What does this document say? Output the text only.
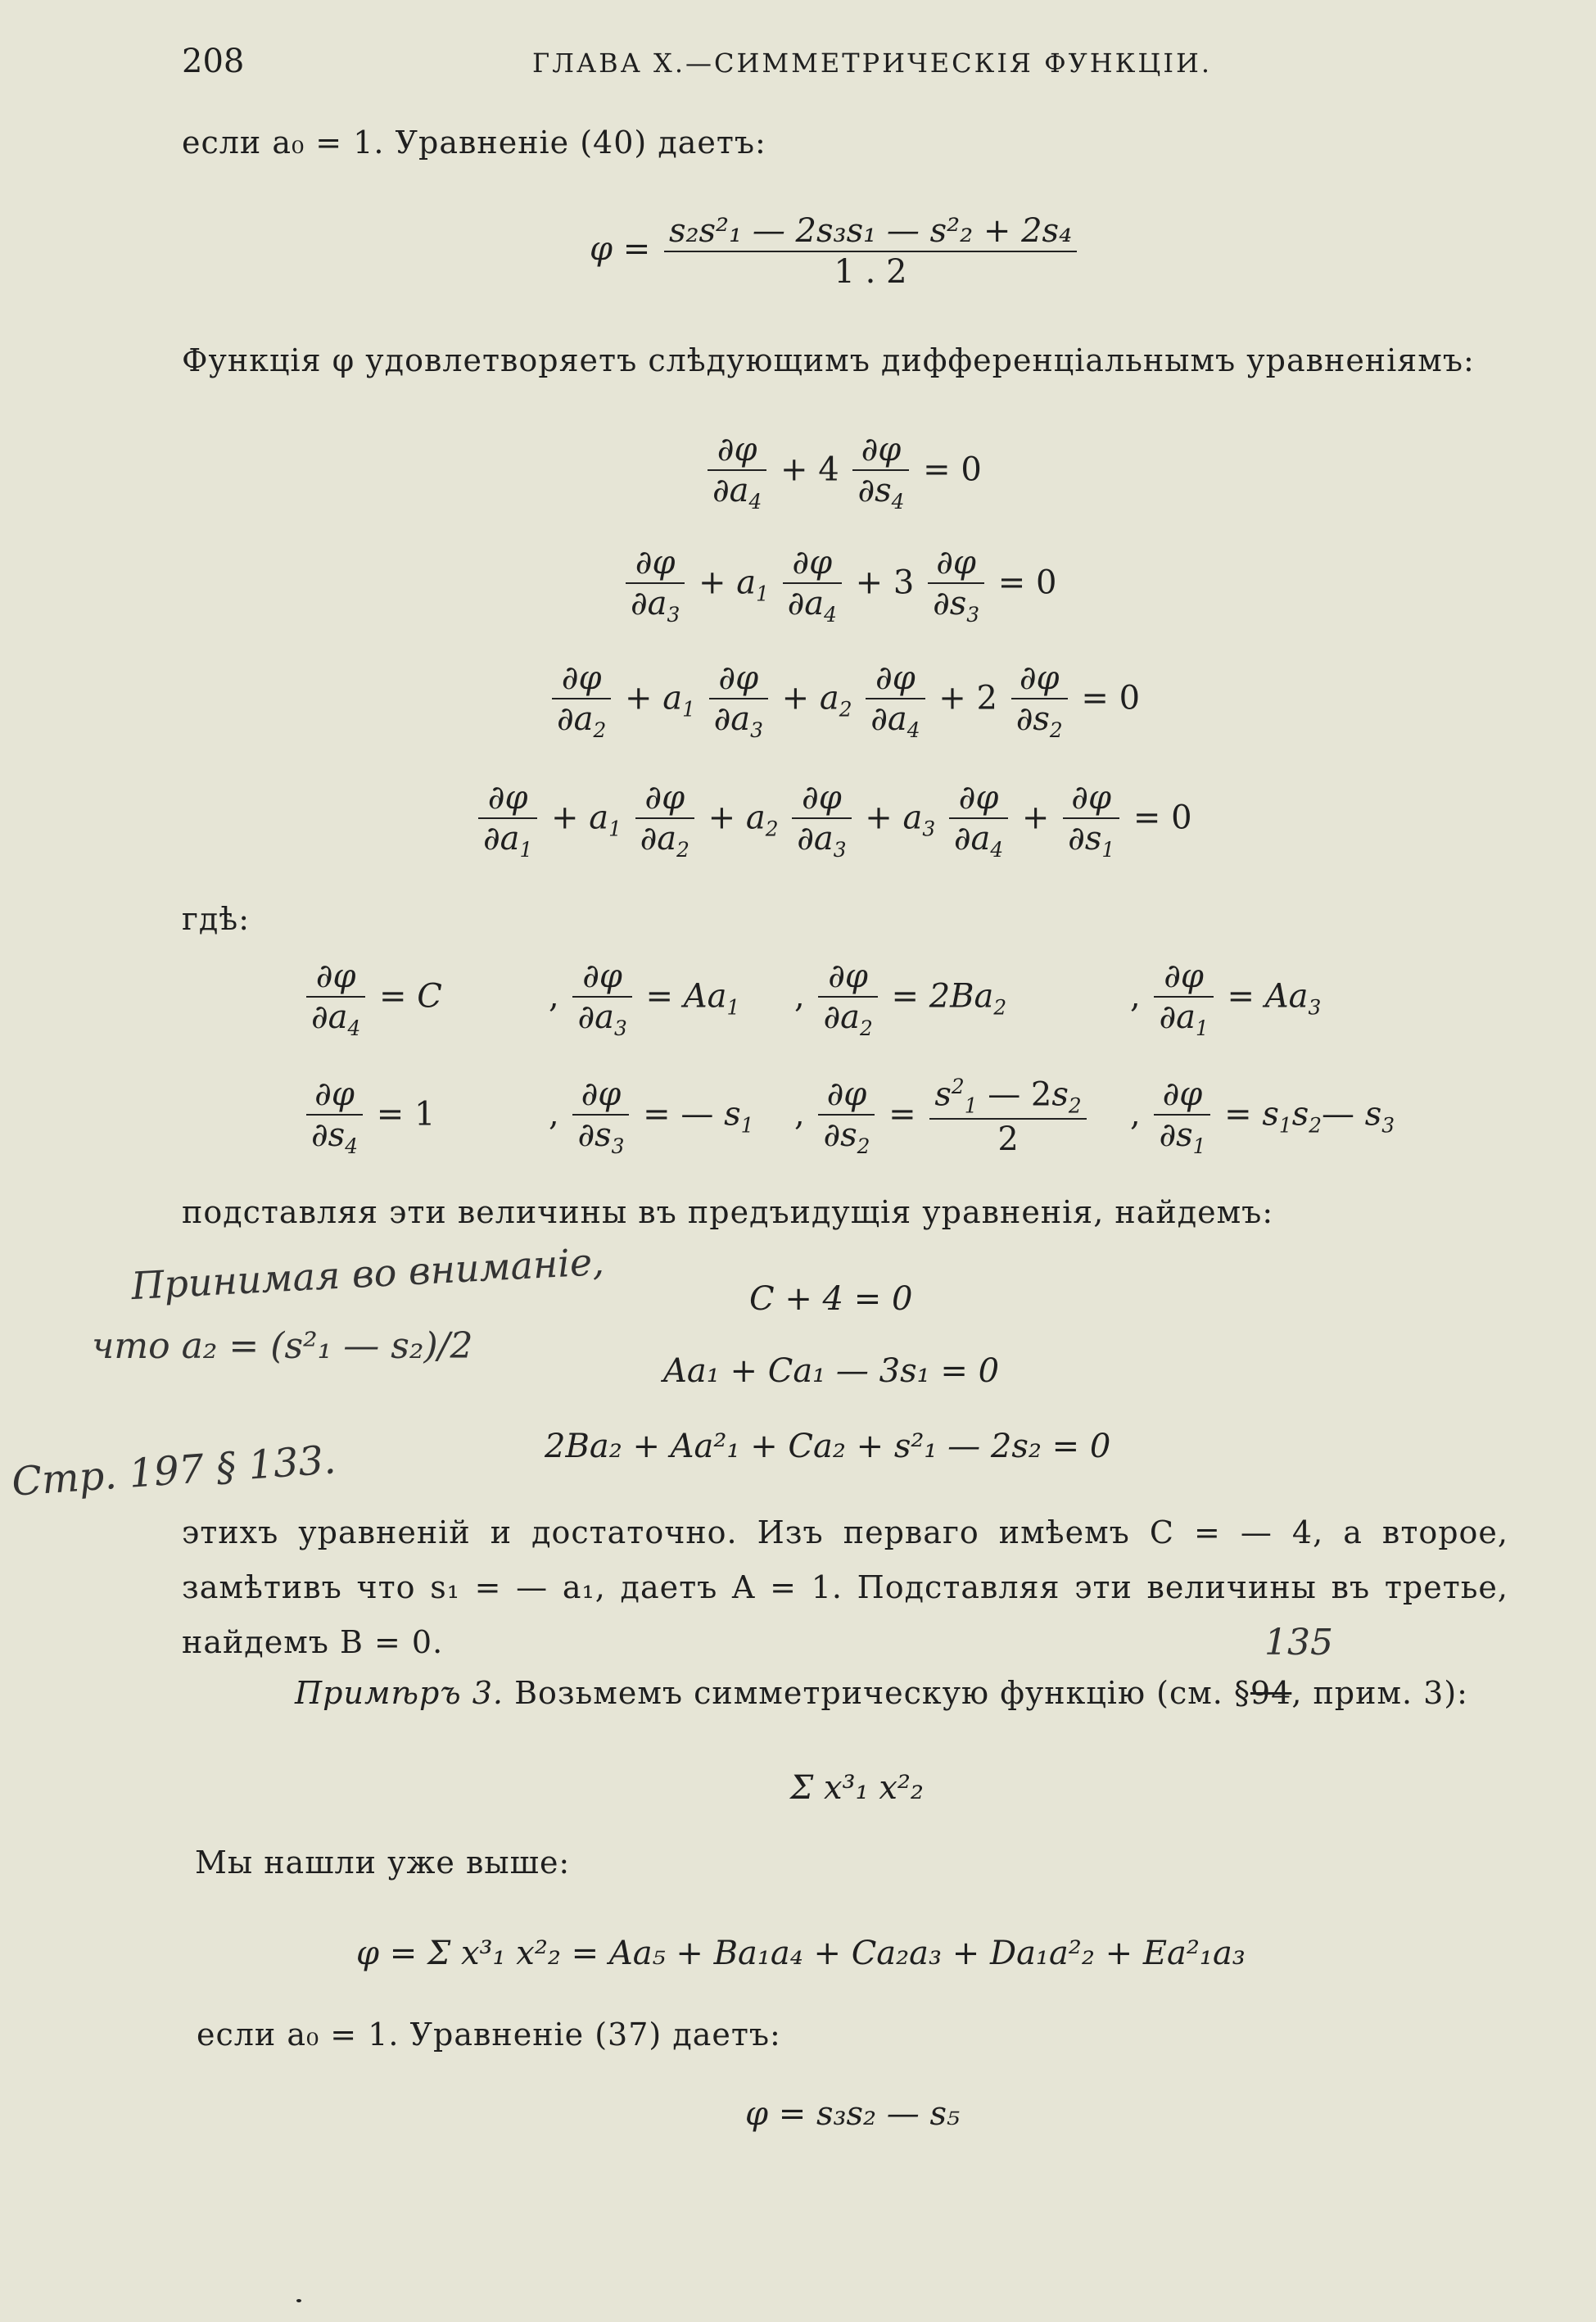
208	ГЛАВА X.—СИММЕТРИЧЕСКІЯ ФУНКЦІИ.
если a₀ = 1. Уравненіе (40) даетъ:
$\varphi = \frac{\text{s₂s²₁ — 2s₃s₁ — s²₂ + 2s₄}}{1 . 2}$
Функція φ удовлетворяетъ слѣдующимъ дифференціальнымъ уравненіямъ:
$\frac{\partial\varphi}{\partial a_4} + 4 \frac{\partial\varphi}{\partial s_4} = 0$
$\frac{\partial\varphi}{\partial a_3} + a_1 \frac{\partial\varphi}{\partial a_4} + 3 \frac{\partial\varphi}{\partial s_3} = 0$
$\frac{\partial\varphi}{\partial a_2} + a_1 \frac{\partial\varphi}{\partial a_3} + a_2 \frac{\partial\varphi}{\partial a_4} + 2 \frac{\partial\varphi}{\partial s_2} = 0$
$\frac{\partial\varphi}{\partial a_1} + a_1 \frac{\partial\varphi}{\partial a_2} + a_2 \frac{\partial\varphi}{\partial a_3} + a_3 \frac{\partial\varphi}{\partial a_4} + \frac{\partial\varphi}{\partial s_1} = 0$
гдѣ:
$\frac{\partial\varphi}{\partial a_4} = C$	, $\frac{\partial\varphi}{\partial a_3} = Aa_1$ , $\frac{\partial\varphi}{\partial a_2} = 2Ba_2$	, $\frac{\partial\varphi}{\partial a_1} = Aa_3$
$\frac{\partial\varphi}{\partial s_4} = 1$	, $\frac{\partial\varphi}{\partial s_3}$ = — $s_1$ , $\frac{\partial\varphi}{\partial s_2} = \frac{s^2_1 — 2s_2}{2}$ , $\frac{\partial\varphi}{\partial s_1}$ = $s_1s_2—$ $s_3$
подставляя эти величины въ предъидущія уравненія, найдемъ:
Принимая во вниманіе,
что a₂ = (s²₁ — s₂)/2
Стр. 197 § 133.
C + 4 = 0
Aa₁ + Ca₁ — 3s₁ = 0
2Ba₂ + Aa²₁ + Ca₂ + s²₁ — 2s₂ = 0
этихъ уравненій и достаточно. Изъ перваго имѣемъ C = — 4, а второе, замѣтивъ что s₁ = — a₁, даетъ A = 1. Подставляя эти величины въ третье, найдемъ B = 0.	135
Примѣръ 3. Возьмемъ симметрическую функцію (см. §94, прим. 3):
Σ x³₁ x²₂
Мы нашли уже выше:
φ = Σ x³₁ x²₂ = Aa₅ + Ba₁a₄ + Ca₂a₃ + Da₁a²₂ + Ea²₁a₃
если a₀ = 1. Уравненіе (37) даетъ:
φ = s₃s₂ — s₅
